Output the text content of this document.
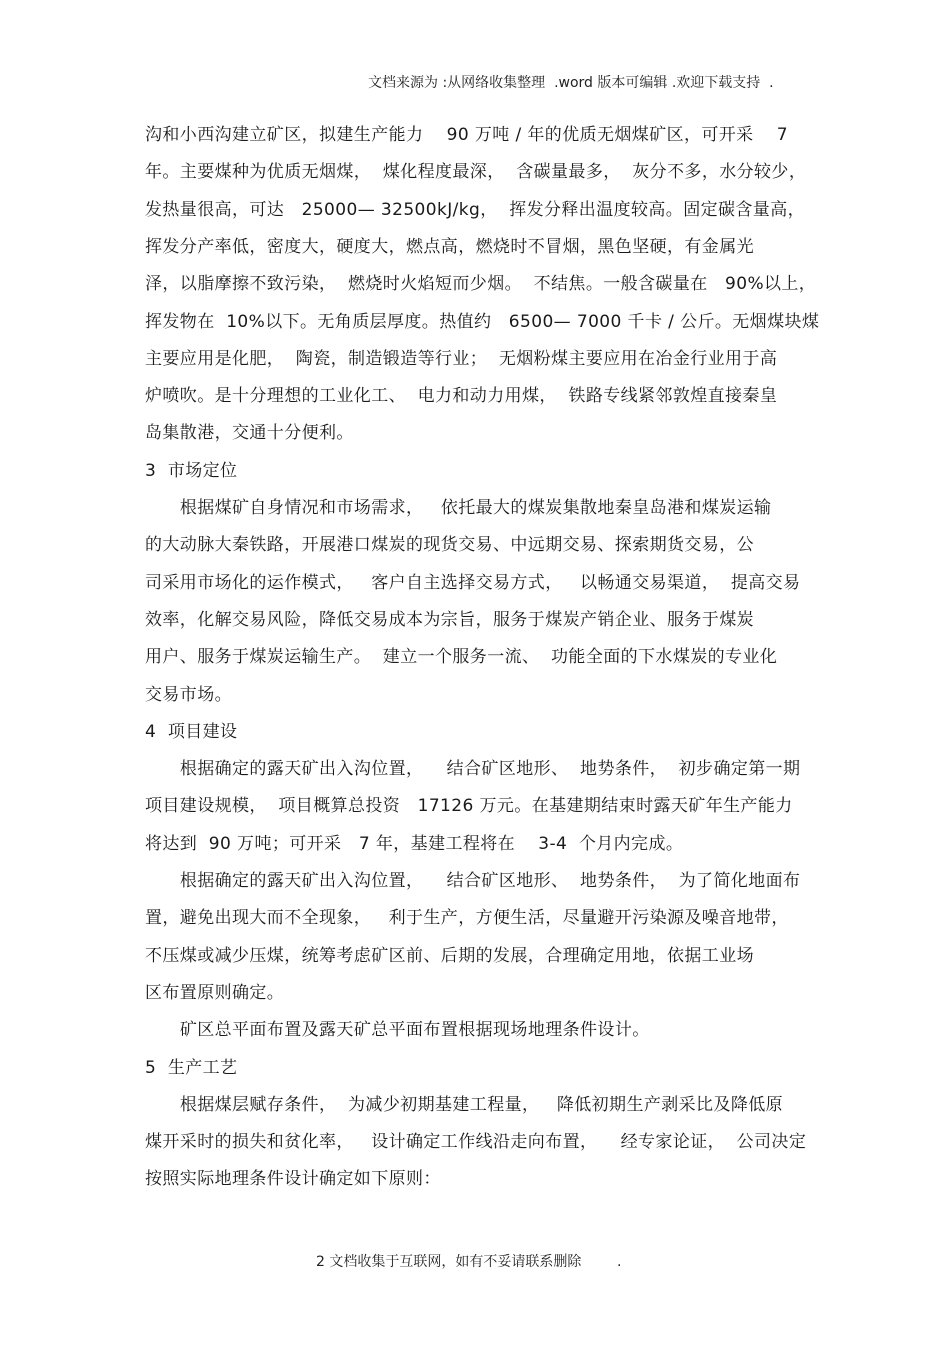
文档来源为 :从网络收集整理  .word 版本可编辑 .欢迎下载支持  .
沟和小西沟建立矿区，拟建生产能力    90 万吨 / 年的优质无烟煤矿区，可开采    7
年。主要煤种为优质无烟煤，  煤化程度最深，  含碳量最多，  灰分不多，水分较少，
发热量很高，可达   25000— 32500kJ/kg，  挥发分释出温度较高。固定碳含量高，
挥发分产率低，密度大，硬度大，燃点高，燃烧时不冒烟，黑色坚硬，有金属光
泽，以脂摩擦不致污染，  燃烧时火焰短而少烟。  不结焦。一般含碳量在   90%以上，
挥发物在  10%以下。无角质层厚度。热值约   6500— 7000 千卡 / 公斤。无烟煤块煤
主要应用是化肥，  陶瓷，制造锻造等行业；  无烟粉煤主要应用在冶金行业用于高
炉喷吹。是十分理想的工业化工、  电力和动力用煤，  铁路专线紧邻敦煌直接秦皇
岛集散港，交通十分便利。
3  市场定位
根据煤矿自身情况和市场需求，   依托最大的煤炭集散地秦皇岛港和煤炭运输
的大动脉大秦铁路，开展港口煤炭的现货交易、中远期交易、探索期货交易，公
司采用市场化的运作模式，   客户自主选择交易方式，   以畅通交易渠道，  提高交易
效率，化解交易风险，降低交易成本为宗旨，服务于煤炭产销企业、服务于煤炭
用户、服务于煤炭运输生产。  建立一个服务一流、  功能全面的下水煤炭的专业化
交易市场。
4  项目建设
根据确定的露天矿出入沟位置，    结合矿区地形、  地势条件，  初步确定第一期
项目建设规模，  项目概算总投资   17126 万元。在基建期结束时露天矿年生产能力
将达到  90 万吨；可开采   7 年，基建工程将在    3-4  个月内完成。
根据确定的露天矿出入沟位置，    结合矿区地形、  地势条件，  为了简化地面布
置，避免出现大而不全现象，   利于生产，方便生活，尽量避开污染源及噪音地带，
不压煤或减少压煤，统筹考虑矿区前、后期的发展，合理确定用地，依据工业场
区布置原则确定。
矿区总平面布置及露天矿总平面布置根据现场地理条件设计。
5  生产工艺
根据煤层赋存条件，  为减少初期基建工程量，   降低初期生产剥采比及降低原
煤开采时的损失和贫化率，   设计确定工作线沿走向布置，    经专家论证，  公司决定
按照实际地理条件设计确定如下原则：
2 文档收集于互联网，如有不妥请联系删除        .
